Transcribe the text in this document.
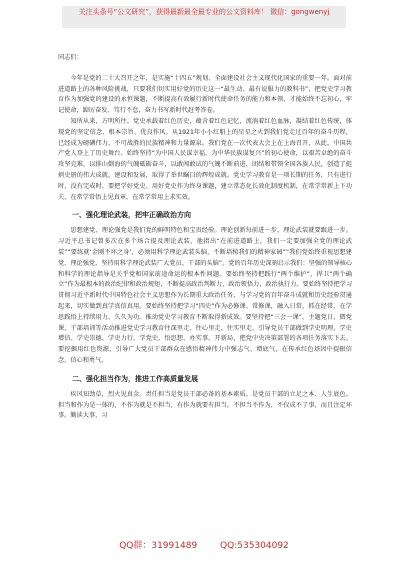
关注头条号“公文研究”，获得最新最全最专业的公文资料库！ 微信：gongwenyj

同志们：

今年是党的二十大召开之年，是实施“十四五”规划、全面建设社会主义现代化国家的重要一年。面对前进道路上的各种风险挑战，只要我们切实用好党的历史这一“最生动、最有说服力的教科书”，把党史学习教育作为加强党的建设的永恒课题，不断提高有效履行新时代使命任务的能力和本领，才能始终不忘初心，牢记使命，踔厉奋发、笃行不怠，奋力书写新时代赶考答卷。

知所从来，方明所往。党史承载着红色历史，蕴含着红色记忆，流淌着红色血脉，凝结着红色传统，体现党的坚定信念、根本宗旨、优良作风。从1921年小小红船上的星星之火到我们党走过百年的奋斗历程，已经成为磅礴伟力、不可战胜的民族精神和力量源泉。我们党在一次代表大会上在上海召开，从此，中国共产党人登上了历史舞台。始终坚持“为中国人民谋幸福，为中华民族谋复兴”的初心使命，以艰苦卓绝的奋斗攻坚克难，以排山倒海的气魄砥砺奋斗，以敢闯敢试的气魄不断前进，团结和带领全国各族人民，创造了彪炳史册的伟大成就。建设和发展，取得了举世瞩目的辉煌成就。党史学习教育是一项长期的任务，只有进行时，没有完成时。要把学好党史、用好党史作为终身课题，建立常态化长效化制度机制，在常学常新上下功夫，在常学常悟上见真章，在常学常用上求实效。

一、强化理论武装，把牢正确政治方向

思想建党、理论强党是我们党的鲜明特色和宝贵经验。理论创新每前进一步，理论武装就要跟进一步。习近平总书记曾多次在多个场合提及理论武装，他指出“在前进道路上，我们一定要加强全党的理论武装”“要练就‘金刚不坏之身’，必须用科学理论武装头脑，不断培植我们的精神家园”“我们党始终重视思想建党、理论强党，坚持用科学理论武装广大党员、干部的头脑”。党的百年历史深刻启示我们：坚强的领导核心和科学的理论指导是关乎党和国家前途命运的根本性问题。要始终坚持把践行“两个维护”，捍卫“两个确立”作为最根本的政治纪律和政治规矩，不断提高政治判断力、政治领悟力、政治执行力。要始终坚持把学习贯彻习近平新时代中国特色社会主义思想作为长期重大政治任务，与学习党的百年奋斗成就和历史经验贯通起来，切实做到真学真信真用。要始终坚持把学习“四史”作为必修课、常修课，融入日常，抓在经常，在学思践悟上持续用力、久久为功。推动党史学习教育不断取得新成效。要坚持把“三会一课”、主题党日、微党课、干部培训等活动推进党史学习教育往深里走、往心里走、往实里走，引导党员干部做到学史明理、学史增信、学史崇德、学史力行，学党史、悟思想、办实事、开新局，把党中央决策部署的各项任务落实下去。要挖掘用红色资源，引导广大党员干部群众在感悟精神伟力中强志气、增底气，在传承红色基因中提振信念、信心和勇气。

二、强化担当作为，推进工作高质量发展

疾风知劲草，烈火见真金。责任担当是党员干部必备的基本素质。是党员干部的立足之本、人生底色。担当和作为是一体的，不作为就是不担当，有作为就要有担当。不担当不作为，不仅成不了事，而且注定坏事。勤读大事，习

QQ群：31991489	QQ:535304092
